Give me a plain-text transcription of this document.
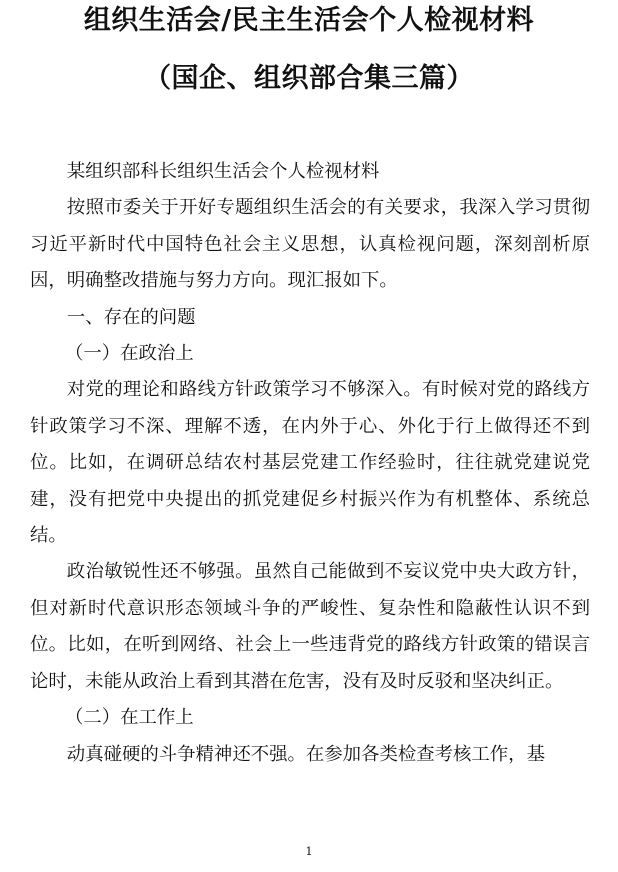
组织生活会/民主生活会个人检视材料
（国企、组织部合集三篇）

某组织部科长组织生活会个人检视材料

按照市委关于开好专题组织生活会的有关要求，我深入学习贯彻习近平新时代中国特色社会主义思想，认真检视问题，深刻剖析原因，明确整改措施与努力方向。现汇报如下。

一、存在的问题

（一）在政治上

对党的理论和路线方针政策学习不够深入。有时候对党的路线方针政策学习不深、理解不透，在内外于心、外化于行上做得还不到位。比如，在调研总结农村基层党建工作经验时，往往就党建说党建，没有把党中央提出的抓党建促乡村振兴作为有机整体、系统总结。

政治敏锐性还不够强。虽然自己能做到不妄议党中央大政方针，但对新时代意识形态领域斗争的严峻性、复杂性和隐蔽性认识不到位。比如，在听到网络、社会上一些违背党的路线方针政策的错误言论时，未能从政治上看到其潜在危害，没有及时反驳和坚决纠正。

（二）在工作上

动真碰硬的斗争精神还不强。在参加各类检查考核工作，基

1
